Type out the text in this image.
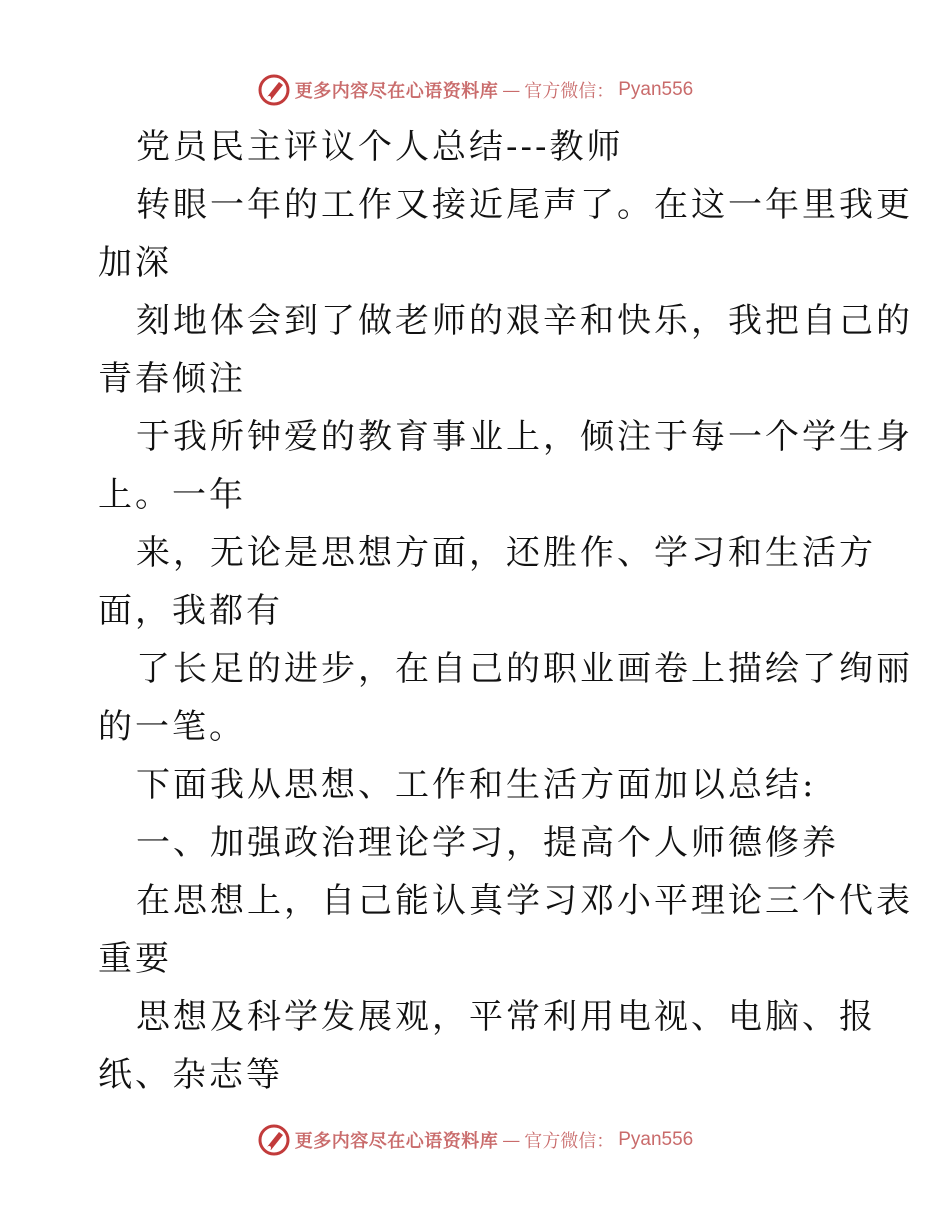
更多内容尽在心语资料库 — 官方微信： Pyan556
党员民主评议个人总结---教师
转眼一年的工作又接近尾声了。在这一年里我更
加深
刻地体会到了做老师的艰辛和快乐，我把自己的
青春倾注
于我所钟爱的教育事业上，倾注于每一个学生身
上。一年
来，无论是思想方面，还胜作、学习和生活方
面，我都有
了长足的进步，在自己的职业画卷上描绘了绚丽
的一笔。
下面我从思想、工作和生活方面加以总结:
一、加强政治理论学习，提高个人师德修养
在思想上，自己能认真学习邓小平理论三个代表
重要
思想及科学发展观，平常利用电视、电脑、报
纸、杂志等
更多内容尽在心语资料库 — 官方微信： Pyan556
